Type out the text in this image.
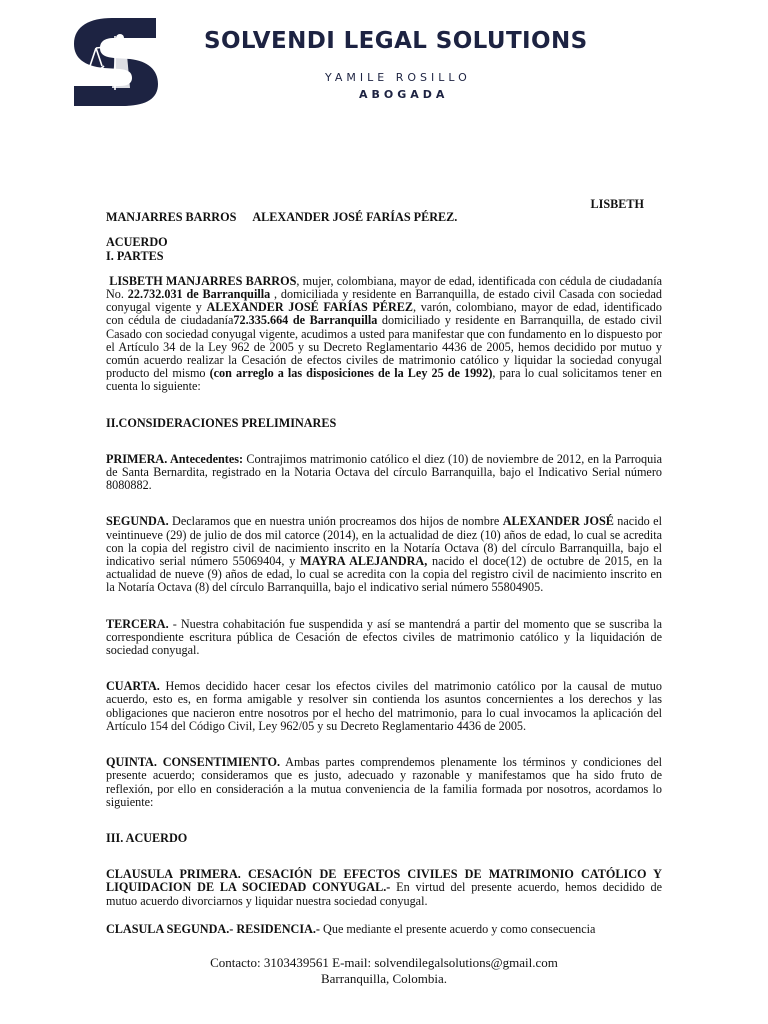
SOLVENDI LEGAL SOLUTIONS
YAMILE ROSILLO
ABOGADA

LISBETH

MANJARRES BARROS ALEXANDER JOSÉ FARÍAS PÉREZ.

ACUERDO

I. PARTES

LISBETH MANJARRES BARROS, mujer, colombiana, mayor de edad, identificada con cédula de ciudadanía No. 22.732.031 de Barranquilla , domiciliada y residente en Barranquilla, de estado civil Casada con sociedad conyugal vigente y ALEXANDER JOSÉ FARÍAS PÉREZ, varón, colombiano, mayor de edad, identificado con cédula de ciudadanía72.335.664 de Barranquilla domiciliado y residente en Barranquilla, de estado civil Casado con sociedad conyugal vigente, acudimos a usted para manifestar que con fundamento en lo dispuesto por el Artículo 34 de la Ley 962 de 2005 y su Decreto Reglamentario 4436 de 2005, hemos decidido por mutuo y común acuerdo realizar la Cesación de efectos civiles de matrimonio católico y liquidar la sociedad conyugal producto del mismo (con arreglo a las disposiciones de la Ley 25 de 1992), para lo cual solicitamos tener en cuenta lo siguiente:

II.CONSIDERACIONES PRELIMINARES

PRIMERA. Antecedentes: Contrajimos matrimonio católico el diez (10) de noviembre de 2012, en la Parroquia de Santa Bernardita, registrado en la Notaria Octava del círculo Barranquilla, bajo el Indicativo Serial número 8080882.

SEGUNDA. Declaramos que en nuestra unión procreamos dos hijos de nombre ALEXANDER JOSÉ nacido el veintinueve (29) de julio de dos mil catorce (2014), en la actualidad de diez (10) años de edad, lo cual se acredita con la copia del registro civil de nacimiento inscrito en la Notaría Octava (8) del círculo Barranquilla, bajo el indicativo serial número 55069404, y MAYRA ALEJANDRA, nacido el doce(12) de octubre de 2015, en la actualidad de nueve (9) años de edad, lo cual se acredita con la copia del registro civil de nacimiento inscrito en la Notaría Octava (8) del círculo Barranquilla, bajo el indicativo serial número 55804905.

TERCERA. - Nuestra cohabitación fue suspendida y así se mantendrá a partir del momento que se suscriba la correspondiente escritura pública de Cesación de efectos civiles de matrimonio católico y la liquidación de sociedad conyugal.

CUARTA. Hemos decidido hacer cesar los efectos civiles del matrimonio católico por la causal de mutuo acuerdo, esto es, en forma amigable y resolver sin contienda los asuntos concernientes a los derechos y las obligaciones que nacieron entre nosotros por el hecho del matrimonio, para lo cual invocamos la aplicación del Artículo 154 del Código Civil, Ley 962/05 y su Decreto Reglamentario 4436 de 2005.

QUINTA. CONSENTIMIENTO. Ambas partes comprendemos plenamente los términos y condiciones del presente acuerdo; consideramos que es justo, adecuado y razonable y manifestamos que ha sido fruto de reflexión, por ello en consideración a la mutua conveniencia de la familia formada por nosotros, acordamos lo siguiente:

III. ACUERDO

CLAUSULA PRIMERA. CESACIÓN DE EFECTOS CIVILES DE MATRIMONIO CATÓLICO Y LIQUIDACION DE LA SOCIEDAD CONYUGAL.- En virtud del presente acuerdo, hemos decidido de mutuo acuerdo divorciarnos y liquidar nuestra sociedad conyugal.

CLASULA SEGUNDA.- RESIDENCIA.- Que mediante el presente acuerdo y como consecuencia

Contacto: 3103439561 E-mail: solvendilegalsolutions@gmail.com
Barranquilla, Colombia.
